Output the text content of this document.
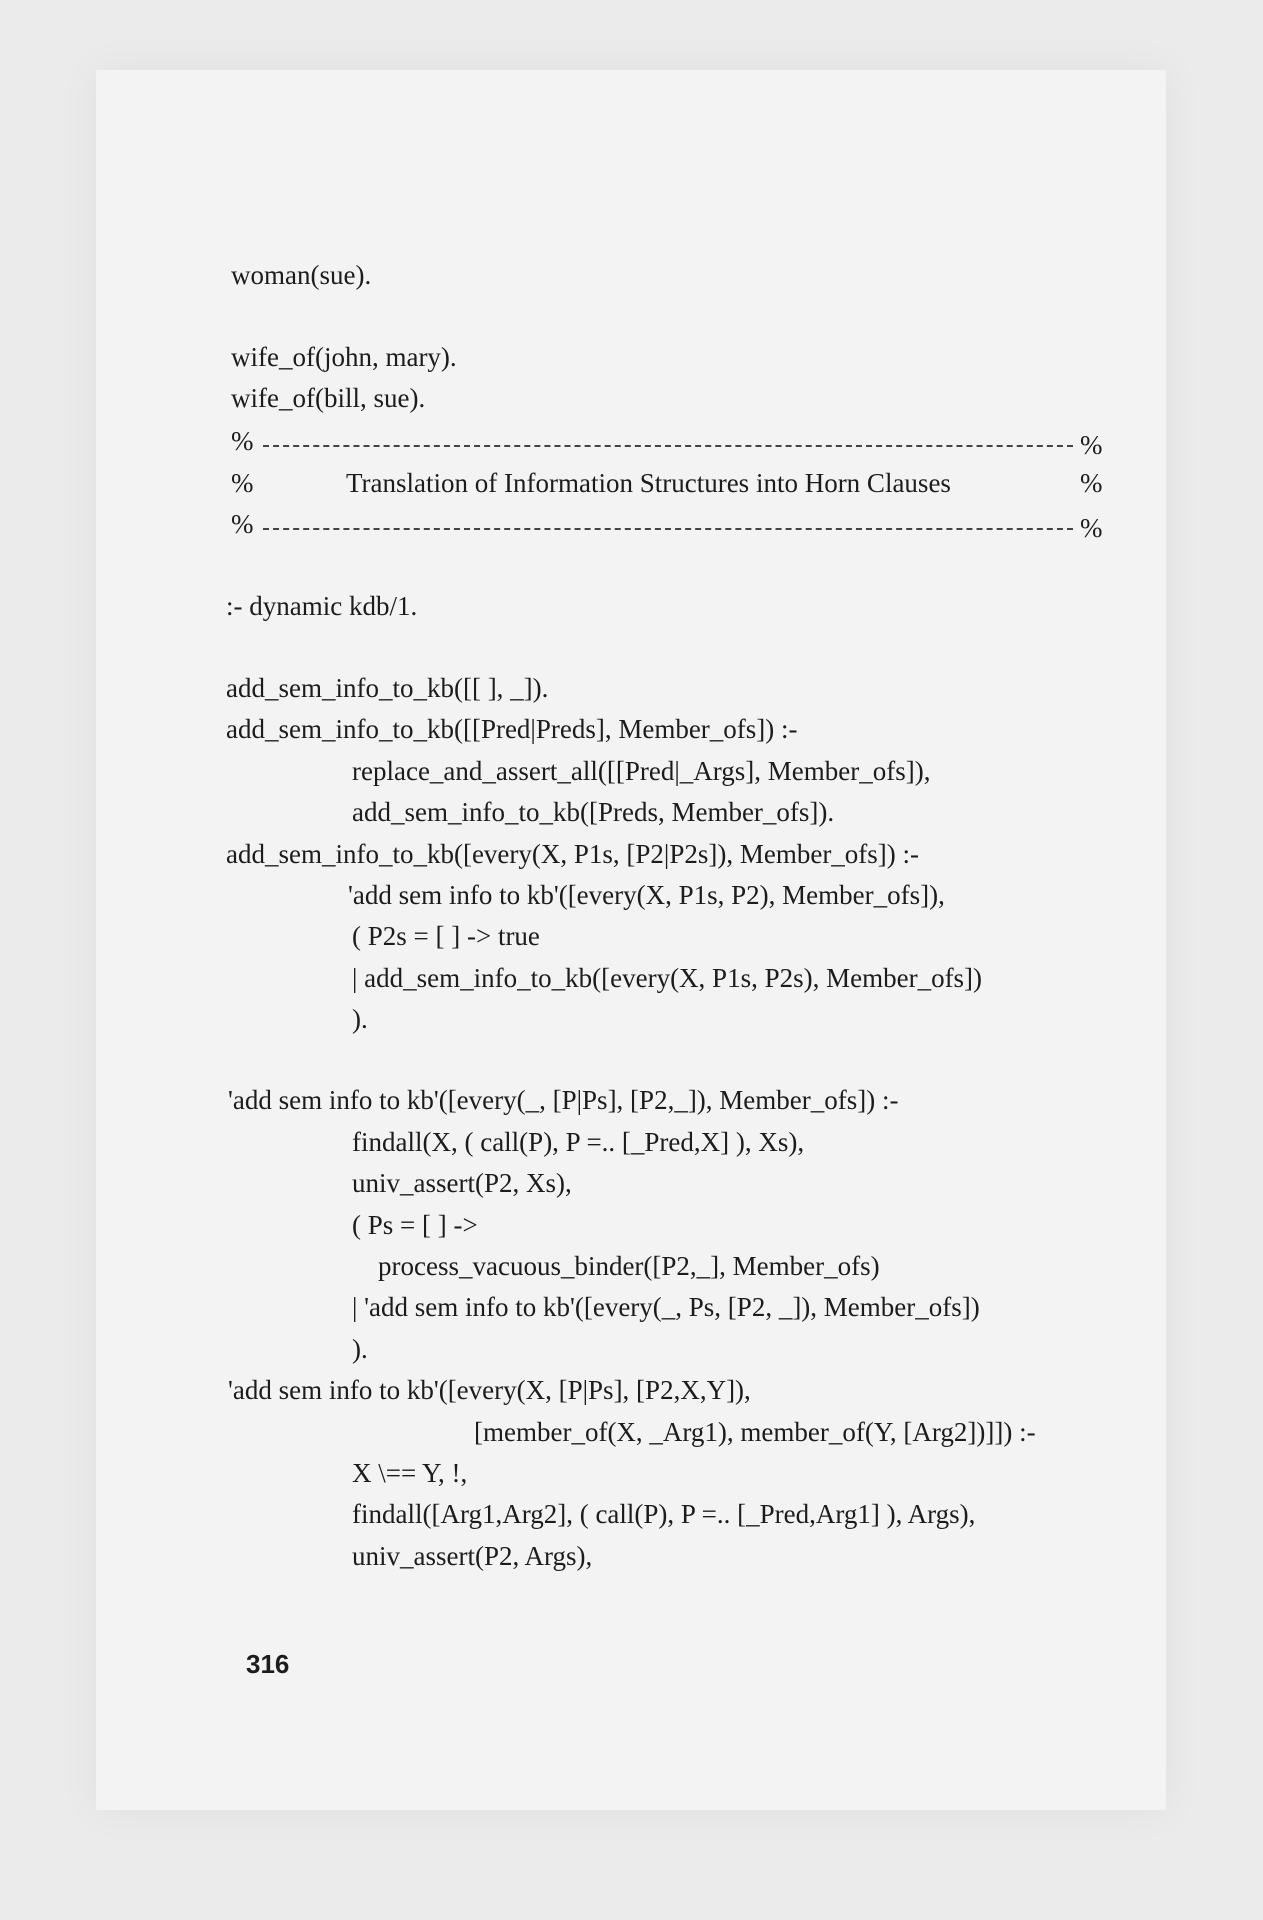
woman(sue).
wife_of(john, mary).
wife_of(bill, sue).
%	%
%	Translation of Information Structures into Horn Clauses	%
%	%
:- dynamic kdb/1.
add_sem_info_to_kb([[ ], _]).
add_sem_info_to_kb([[Pred|Preds], Member_ofs]) :-
replace_and_assert_all([[Pred|_Args], Member_ofs]),
add_sem_info_to_kb([Preds, Member_ofs]).
add_sem_info_to_kb([every(X, P1s, [P2|P2s]), Member_ofs]) :-
'add sem info to kb'([every(X, P1s, P2), Member_ofs]),
( P2s = [ ] -> true
| add_sem_info_to_kb([every(X, P1s, P2s), Member_ofs])
).
'add sem info to kb'([every(_, [P|Ps], [P2,_]), Member_ofs]) :-
findall(X, ( call(P), P =.. [_Pred,X] ), Xs),
univ_assert(P2, Xs),
( Ps = [ ] ->
process_vacuous_binder([P2,_], Member_ofs)
| 'add sem info to kb'([every(_, Ps, [P2, _]), Member_ofs])
).
'add sem info to kb'([every(X, [P|Ps], [P2,X,Y]),
[member_of(X, _Arg1), member_of(Y, [Arg2])]]) :-
X \== Y, !,
findall([Arg1,Arg2], ( call(P), P =.. [_Pred,Arg1] ), Args),
univ_assert(P2, Args),
316
